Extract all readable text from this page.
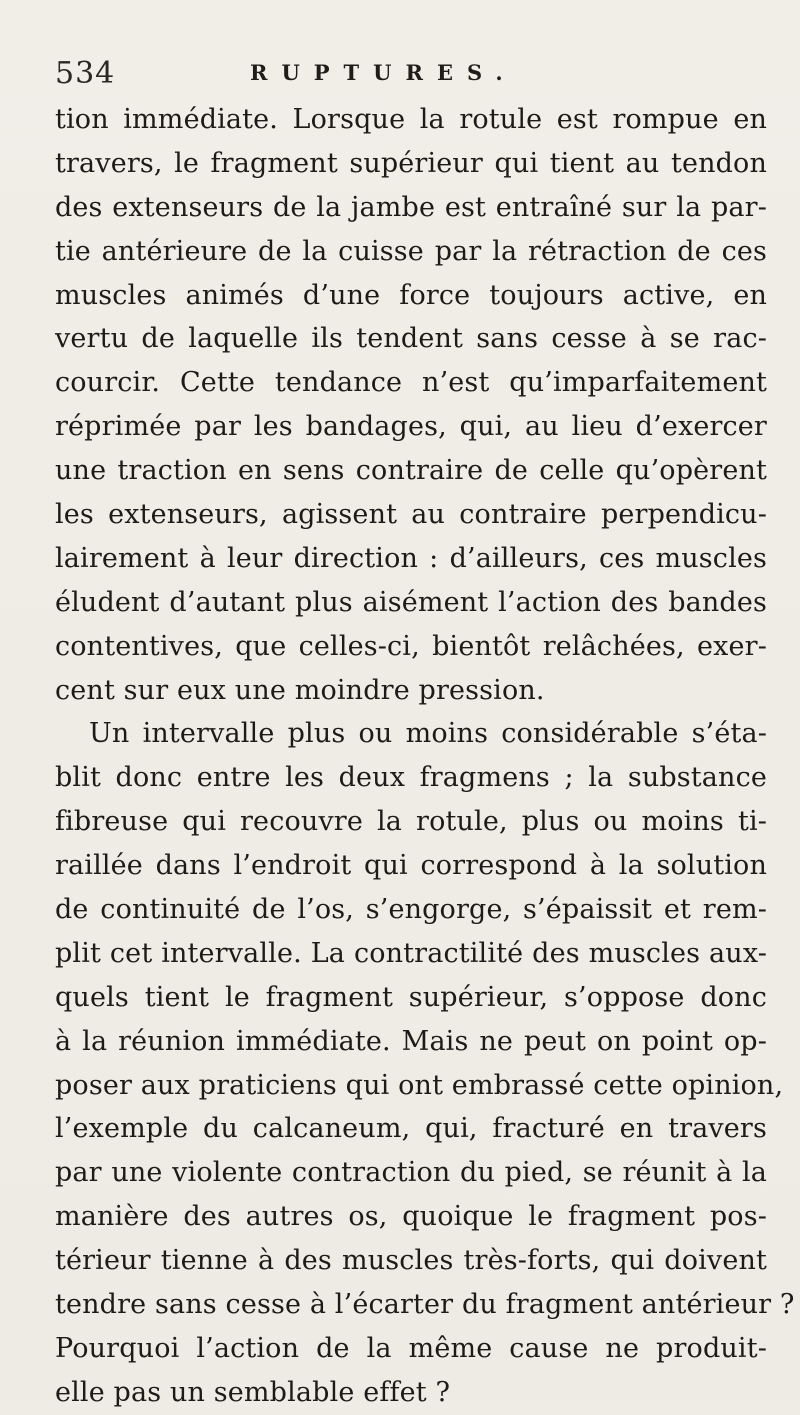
534	RUPTURES.
tion immédiate. Lorsque la rotule est rompue en
travers, le fragment supérieur qui tient au tendon
des extenseurs de la jambe est entraîné sur la par-
tie antérieure de la cuisse par la rétraction de ces
muscles animés d’une force toujours active, en
vertu de laquelle ils tendent sans cesse à se rac-
courcir. Cette tendance n’est qu’imparfaitement
réprimée par les bandages, qui, au lieu d’exercer
une traction en sens contraire de celle qu’opèrent
les extenseurs, agissent au contraire perpendicu-
lairement à leur direction : d’ailleurs, ces muscles
éludent d’autant plus aisément l’action des bandes
contentives, que celles-ci, bientôt relâchées, exer-
cent sur eux une moindre pression.
Un intervalle plus ou moins considérable s’éta-
blit donc entre les deux fragmens ; la substance
fibreuse qui recouvre la rotule, plus ou moins ti-
raillée dans l’endroit qui correspond à la solution
de continuité de l’os, s’engorge, s’épaissit et rem-
plit cet intervalle. La contractilité des muscles aux-
quels tient le fragment supérieur, s’oppose donc
à la réunion immédiate. Mais ne peut on point op-
poser aux praticiens qui ont embrassé cette opinion,
l’exemple du calcaneum, qui, fracturé en travers
par une violente contraction du pied, se réunit à la
manière des autres os, quoique le fragment pos-
térieur tienne à des muscles très-forts, qui doivent
tendre sans cesse à l’écarter du fragment antérieur ?
Pourquoi l’action de la même cause ne produit-
elle pas un semblable effet ?
